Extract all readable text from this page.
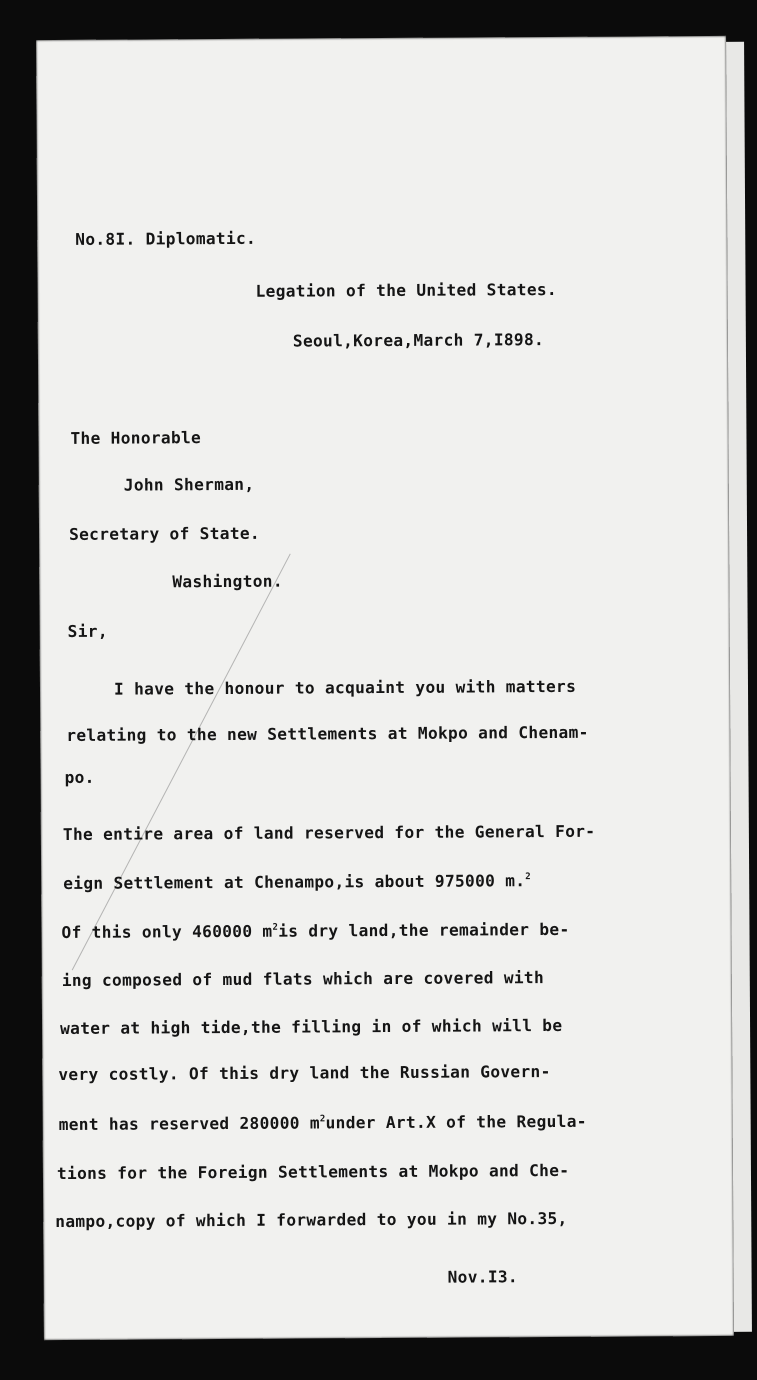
No.8I. Diplomatic.
Legation of the United States.
Seoul,Korea,March 7,I898.
The Honorable
John Sherman,
Secretary of State.
Washington.
Sir,
I have the honour to acquaint you with matters
relating to the new Settlements at Mokpo and Chenam-
po.
The entire area of land reserved for the General For-
eign Settlement at Chenampo,is about 975000 m.$^2$
Of this only 460000 $m^2is$ dry land,the remainder be-
ing composed of mud flats which are covered with
water at high tide,the filling in of which will be
very costly. Of this dry land the Russian Govern-
ment has reserved 280000 $m^2under$ Art.X of the Regula-
tions for the Foreign Settlements at Mokpo and Che-
nampo,copy of which I forwarded to you in my No.35,
Nov.I3.
